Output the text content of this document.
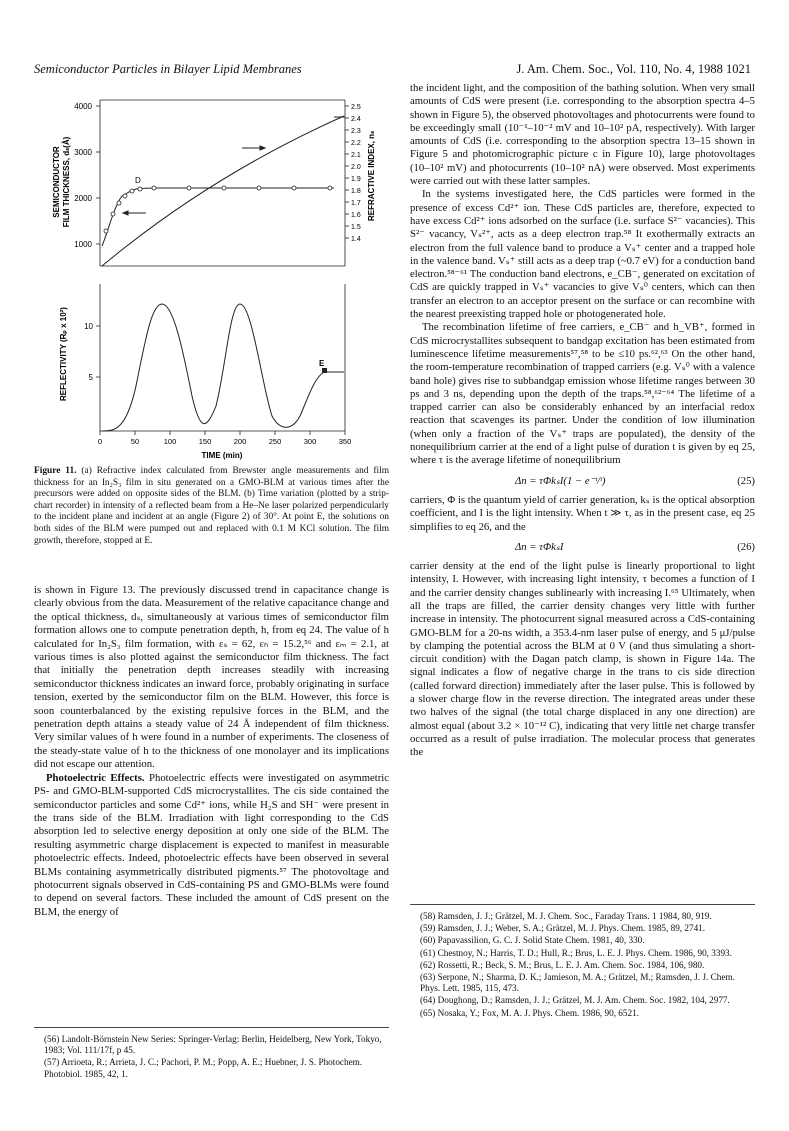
Semiconductor Particles in Bilayer Lipid Membranes	J. Am. Chem. Soc., Vol. 110, No. 4, 1988 1021
4000
3000
2000
1000
2.5
2.4
2.3
2.2
2.1
2.0
1.9
1.8
1.7
1.6
1.5
1.4
SEMICONDUCTOR FILM THICKNESS, dₛ(Å)	REFRACTIVE INDEX, nₛ
D
10
5
REFLECTIVITY (Rₚ x 10²)	E
0	50	100	150	200	250	300	350
TIME (min)
Figure 11. (a) Refractive index calculated from Brewster angle measurements and film thickness for an In₂S₃ film in situ generated on a GMO-BLM at various times after the precursors were added on opposite sides of the BLM. (b) Time variation (plotted by a strip-chart recorder) in intensity of a reflected beam from a He–Ne laser polarized perpendicularly to the incident plane and incident at an angle (Figure 2) of 30°. At point E, the solutions on both sides of the BLM were pumped out and replaced with 0.1 M KCl solution. The film growth, therefore, stopped at E.

is shown in Figure 13. The previously discussed trend in capacitance change is clearly obvious from the data. Measurement of the relative capacitance change and the optical thickness, dₛ, simultaneously at various times of semiconductor film formation allows one to compute penetration depth, h, from eq 24. The value of h calculated for In₂S₃ film formation, with εₛ = 62, εₕ = 15.2,⁵⁶ and εₘ = 2.1, at various times is also plotted against the semiconductor film thickness. The fact that initially the penetration depth increases steadily with increasing semiconductor thickness indicates an inward force, probably originating in surface tension, exerted by the semiconductor film on the BLM. However, this force is soon counterbalanced by the existing repulsive forces in the BLM, and the penetration depth attains a steady value of 24 Å independent of film thickness. Very similar values of h were found in a number of experiments. The closeness of the steady-state value of h to the thickness of one monolayer and its implications did not escape our attention.

Photoelectric Effects. Photoelectric effects were investigated on asymmetric PS- and GMO-BLM-supported CdS microcrystallites. The cis side contained the semiconductor particles and some Cd²⁺ ions, while H₂S and SH⁻ were present in the trans side of the BLM. Irradiation with light corresponding to the CdS absorption led to selective energy deposition at only one side of the BLM. The resulting asymmetric charge displacement is expected to manifest in measurable photoelectric effects. Indeed, photoelectric effects have been observed in several BLMs containing asymmetrically distributed pigments.⁵⁷ The photovoltage and photocurrent signals observed in CdS-containing PS and GMO-BLMs were found to depend on several factors. These included the amount of CdS present on the BLM, the energy of

(56) Landolt-Börnstein New Series: Springer-Verlag: Berlin, Heidelberg, New York, Tokyo, 1983; Vol. 111/17f, p 45.
(57) Arrioeta, R.; Arrieta, J. C.; Pachori, P. M.; Popp, A. E.; Huebner, J. S. Photochem. Photobiol. 1985, 42, 1.

the incident light, and the composition of the bathing solution. When very small amounts of CdS were present (i.e. corresponding to the absorption spectra 4–5 shown in Figure 5), the observed photovoltages and photocurrents were found to be exceedingly small (10⁻¹–10⁻² mV and 10–10² pA, respectively). With larger amounts of CdS (i.e. corresponding to the absorption spectra 13–15 shown in Figure 5 and photomicrographic picture c in Figure 10), large photovoltages (10–10² mV) and photocurrents (10–10² nA) were observed. Most experiments were carried out with these latter samples.

In the systems investigated here, the CdS particles were formed in the presence of excess Cd²⁺ ion. These CdS particles are, therefore, expected to have excess Cd²⁺ ions adsorbed on the surface (i.e. surface S²⁻ vacancies). This S²⁻ vacancy, Vₛ²⁺, acts as a deep electron trap.⁵⁸ It exothermally extracts an electron from the full valence band to produce a Vₛ⁺ center and a trapped hole in the valence band. Vₛ⁺ still acts as a deep trap (~0.7 eV) for a conduction band electron.⁵⁸⁻⁶¹ The conduction band electrons, e_CB⁻, generated on excitation of CdS are quickly trapped in Vₛ⁺ vacancies to give Vₛ⁰ centers, which can then transfer an electron to an acceptor present on the surface or can recombine with the nearest preexisting trapped hole or photogenerated hole.

The recombination lifetime of free carriers, e_CB⁻ and h_VB⁺, formed in CdS microcrystallites subsequent to bandgap excitation has been estimated from luminescence lifetime measurements⁵⁷,⁵⁸ to be ≤10 ps.⁶²,⁶³ On the other hand, the room-temperature recombination of trapped carriers (e.g. Vₛ⁰ with a valence band hole) gives rise to subbandgap emission whose lifetime ranges between 30 ps and 3 ns, depending upon the depth of the traps.⁵⁸,⁶²⁻⁶⁴ The lifetime of a trapped carrier can also be considerably enhanced by an interfacial redox reaction that scavenges its partner. Under the condition of low illumination (when only a fraction of the Vₛ⁺ traps are populated), the density of the nonequilibrium carrier at the end of a light pulse of duration t is given by eq 25, where τ is the average lifetime of nonequilibrium

Δn = τΦkₛI(1 − e⁻ᵗ/ᵗ)	(25)

carriers, Φ is the quantum yield of carrier generation, kₛ is the optical absorption coefficient, and I is the light intensity. When t ≫ τ, as in the present case, eq 25 simplifies to eq 26, and the

Δn = τΦkₛI	(26)

carrier density at the end of the light pulse is linearly proportional to light intensity, I. However, with increasing light intensity, τ becomes a function of I and the carrier density changes sublinearly with increasing I.⁶⁵ Ultimately, when all the traps are filled, the carrier density changes very little with further increase in intensity. The photocurrent signal measured across a CdS-containing GMO-BLM for a 20-ns width, a 353.4-nm laser pulse of energy, and 5 μJ/pulse by clamping the potential across the BLM at 0 V (and thus simulating a short-circuit condition) with the Dagan patch clamp, is shown in Figure 14a. The signal indicates a flow of negative charge in the trans to cis side direction (called forward direction) immediately after the laser pulse. This is followed by a slower charge flow in the reverse direction. The integrated areas under these two halves of the signal (the total charge displaced in any one direction) are almost equal (about 3.2 × 10⁻¹² C), indicating that very little net charge transfer occurred as a result of pulse irradiation. The molecular process that generates the

(58) Ramsden, J. J.; Grätzel, M. J. Chem. Soc., Faraday Trans. 1 1984, 80, 919.
(59) Ramsden, J. J.; Weber, S. A.; Grätzel, M. J. Phys. Chem. 1985, 89, 2741.
(60) Papavassilion, G. C. J. Solid State Chem. 1981, 40, 330.
(61) Chestnoy, N.; Harris, T. D.; Hull, R.; Brus, L. E. J. Phys. Chem. 1986, 90, 3393.
(62) Rossetti, R.; Beck, S. M.; Brus, L. E. J. Am. Chem. Soc. 1984, 106, 980.
(63) Serpone, N.; Sharma, D. K.; Jamieson, M. A.; Grätzel, M.; Ramsden, J. J. Chem. Phys. Lett. 1985, 115, 473.
(64) Doughong, D.; Ramsden, J. J.; Grätzel, M. J. Am. Chem. Soc. 1982, 104, 2977.
(65) Nosaka, Y.; Fox, M. A. J. Phys. Chem. 1986, 90, 6521.
